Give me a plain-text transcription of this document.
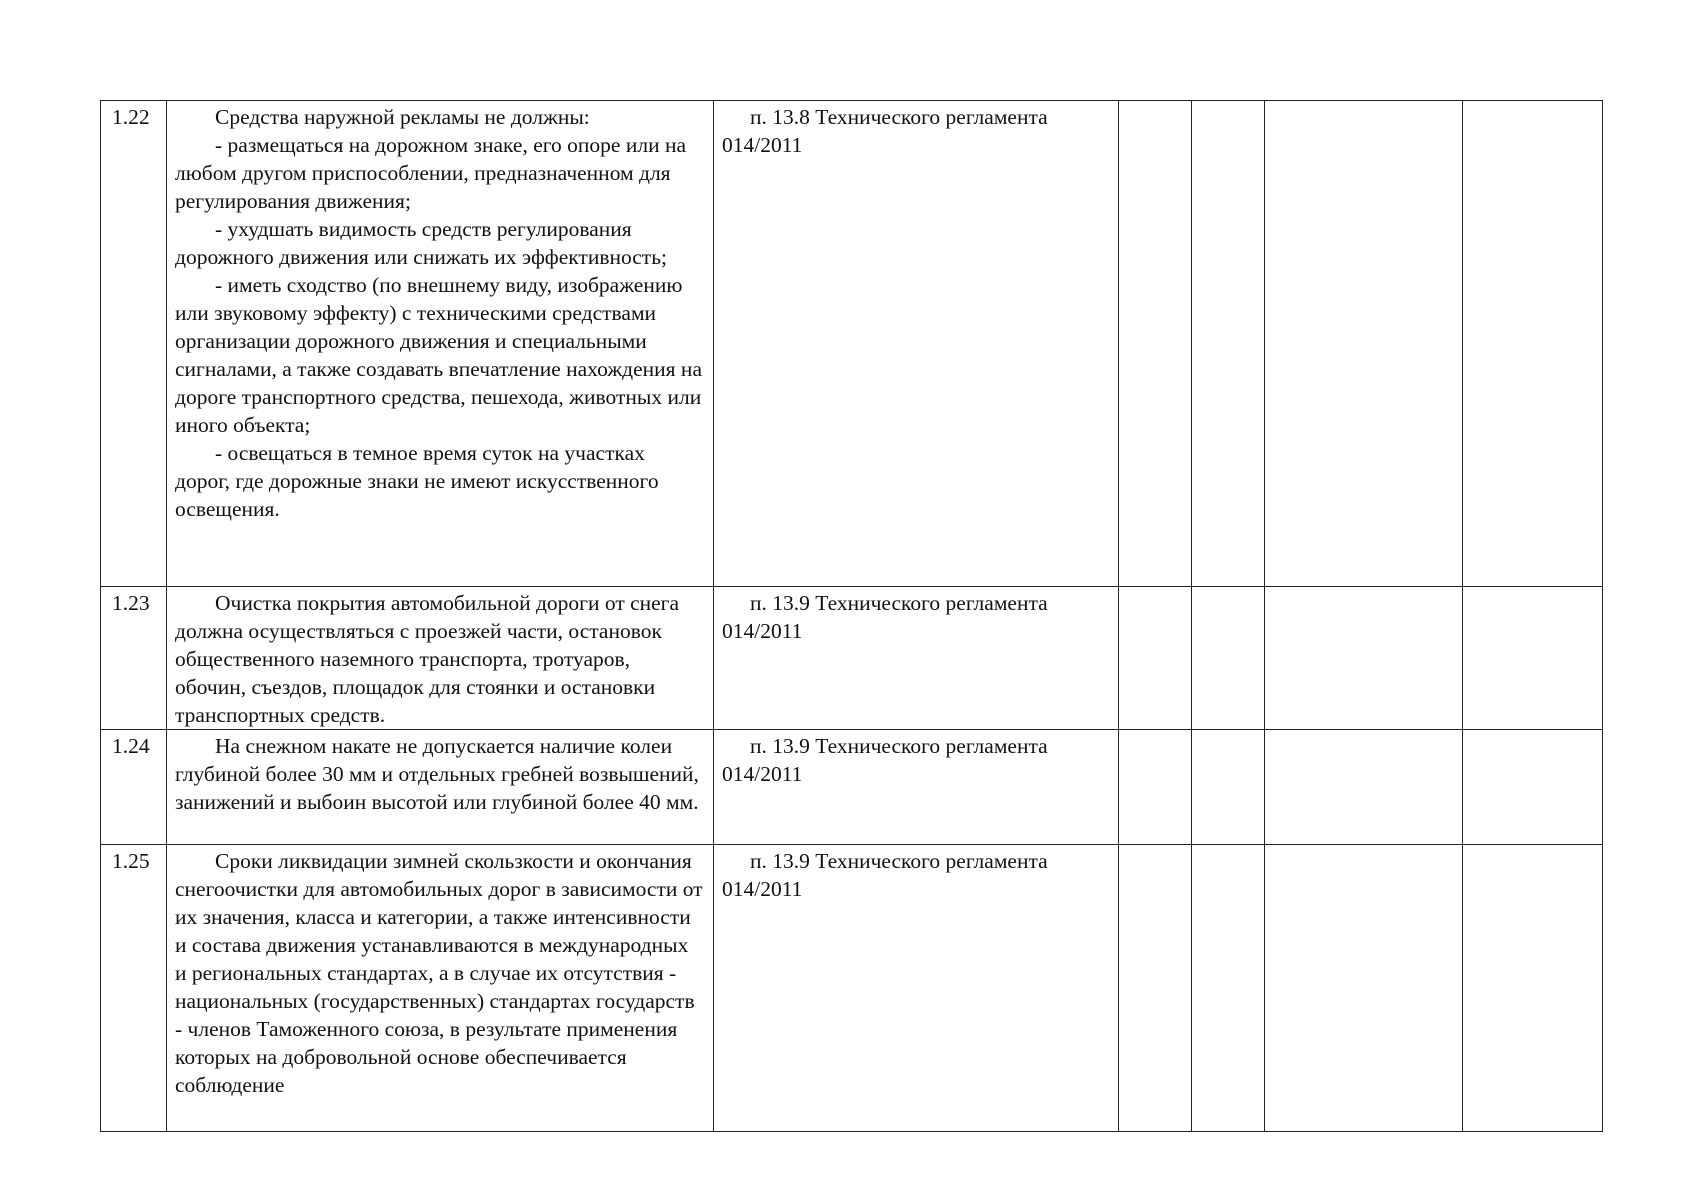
1.22	Средства наружной рекламы не должны:

- размещаться на дорожном знаке, его опоре или на любом другом приспособлении, предназначенном для регулирования движения;

- ухудшать видимость средств регулирования дорожного движения или снижать их эффективность;

- иметь сходство (по внешнему виду, изображению или звуковому эффекту) с техническими средствами организации дорожного движения и специальными сигналами, а также создавать впечатление нахождения на дороге транспортного средства, пешехода, животных или иного объекта;

- освещаться в темное время суток на участках дорог, где дорожные знаки не имеют искусственного освещения.	п. 13.8 Технического регламента 014/2011				

1.23	Очистка покрытия автомобильной дороги от снега должна осуществляться с проезжей части, остановок общественного наземного транспорта, тротуаров, обочин, съездов, площадок для стоянки и остановки транспортных средств.	п. 13.9 Технического регламента 014/2011				

1.24	На снежном накате не допускается наличие колеи глубиной более 30 мм и отдельных гребней возвышений, занижений и выбоин высотой или глубиной более 40 мм.	п. 13.9 Технического регламента 014/2011				

1.25	Сроки ликвидации зимней скользкости и окончания снегоочистки для автомобильных дорог в зависимости от их значения, класса и категории, а также интенсивности и состава движения устанавливаются в международных и региональных стандартах, а в случае их отсутствия - национальных (государственных) стандартах государств - членов Таможенного союза, в результате применения которых на добровольной основе обеспечивается соблюдение	п. 13.9 Технического регламента 014/2011				
